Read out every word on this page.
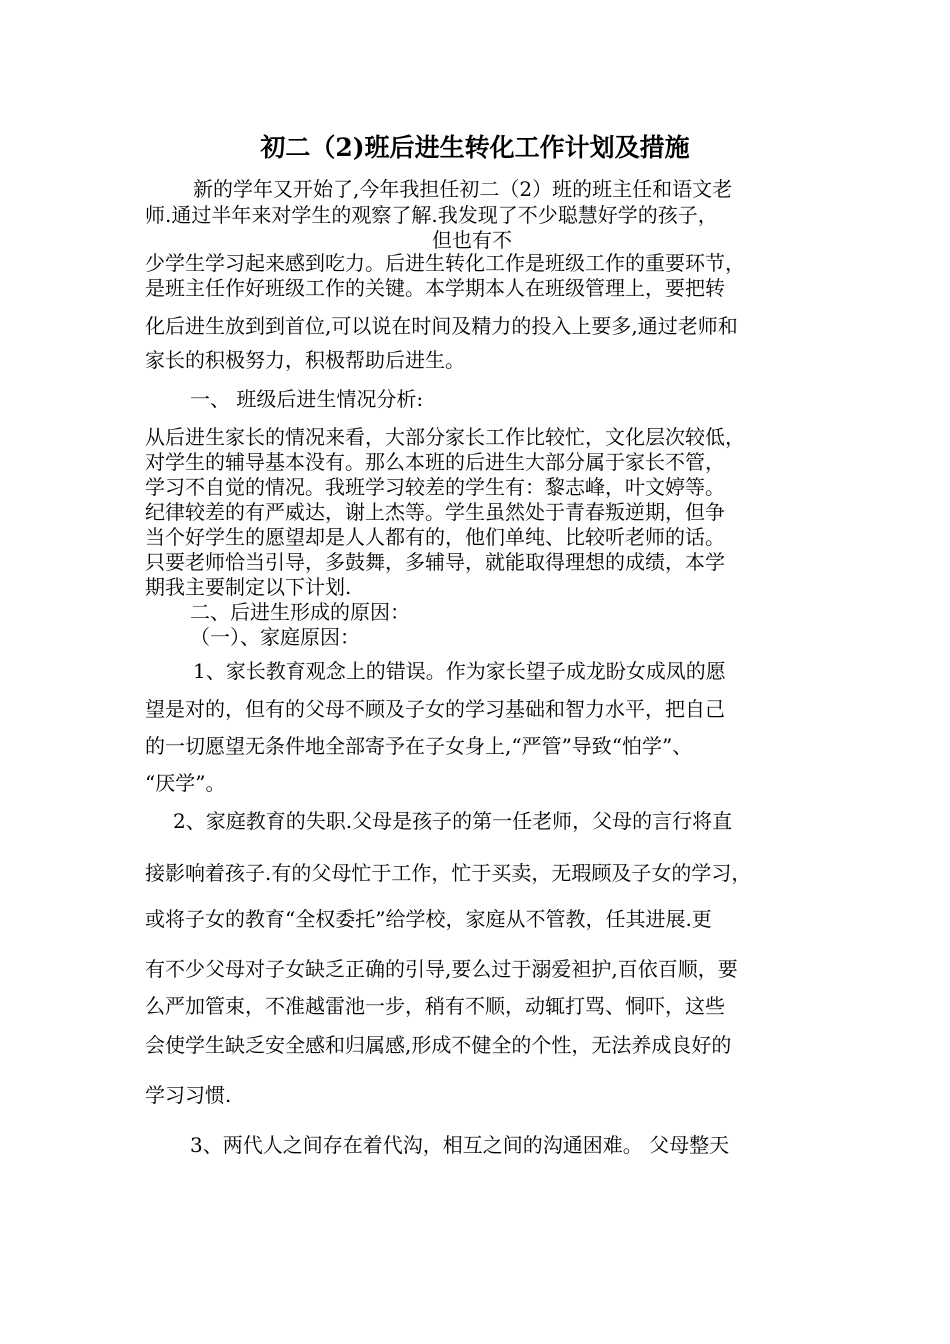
初二（2)班后进生转化工作计划及措施
新的学年又开始了,今年我担任初二（2）班的班主任和语文老
师.通过半年来对学生的观察了解.我发现了不少聪慧好学的孩子，
但也有不
少学生学习起来感到吃力。后进生转化工作是班级工作的重要环节，
是班主任作好班级工作的关键。本学期本人在班级管理上，要把转
化后进生放到到首位,可以说在时间及精力的投入上要多,通过老师和
家长的积极努力，积极帮助后进生。
一、 班级后进生情况分析:
从后进生家长的情况来看，大部分家长工作比较忙，文化层次较低，
对学生的辅导基本没有。那么本班的后进生大部分属于家长不管，
学习不自觉的情况。我班学习较差的学生有：黎志峰，叶文婷等。
纪律较差的有严威达，谢上杰等。学生虽然处于青春叛逆期，但争
当个好学生的愿望却是人人都有的，他们单纯、比较听老师的话。
只要老师恰当引导，多鼓舞，多辅导，就能取得理想的成绩，本学
期我主要制定以下计划.
二、后进生形成的原因：
（一）、家庭原因：
1、家长教育观念上的错误。作为家长望子成龙盼女成凤的愿
望是对的，但有的父母不顾及子女的学习基础和智力水平，把自己
的一切愿望无条件地全部寄予在子女身上,“严管”导致“怕学”、
“厌学”。
2、家庭教育的失职.父母是孩子的第一任老师，父母的言行将直
接影响着孩子.有的父母忙于工作，忙于买卖，无瑕顾及子女的学习，
或将子女的教育“全权委托”给学校，家庭从不管教，任其进展.更
有不少父母对子女缺乏正确的引导,要么过于溺爱袒护,百依百顺，要
么严加管束，不准越雷池一步，稍有不顺，动辄打骂、恫吓，这些
会使学生缺乏安全感和归属感,形成不健全的个性，无法养成良好的
学习习惯.
3、两代人之间存在着代沟，相互之间的沟通困难。 父母整天
